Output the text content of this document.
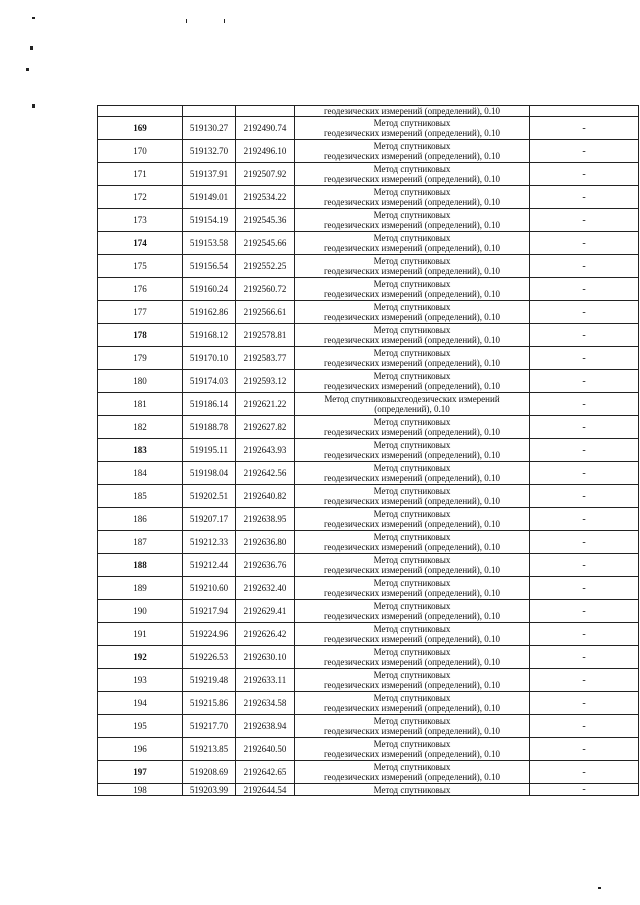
			геодезических измерений (определений), 0.10	
169	519130.27	2192490.74	Метод спутниковых
геодезических измерений (определений), 0.10	-
170	519132.70	2192496.10	Метод спутниковых
геодезических измерений (определений), 0.10	-
171	519137.91	2192507.92	Метод спутниковых
геодезических измерений (определений), 0.10	-
172	519149.01	2192534.22	Метод спутниковых
геодезических измерений (определений), 0.10	-
173	519154.19	2192545.36	Метод спутниковых
геодезических измерений (определений), 0.10	-
174	519153.58	2192545.66	Метод спутниковых
геодезических измерений (определений), 0.10	-
175	519156.54	2192552.25	Метод спутниковых
геодезических измерений (определений), 0.10	-
176	519160.24	2192560.72	Метод спутниковых
геодезических измерений (определений), 0.10	-
177	519162.86	2192566.61	Метод спутниковых
геодезических измерений (определений), 0.10	-
178	519168.12	2192578.81	Метод спутниковых
геодезических измерений (определений), 0.10	-
179	519170.10	2192583.77	Метод спутниковых
геодезических измерений (определений), 0.10	-
180	519174.03	2192593.12	Метод спутниковых
геодезических измерений (определений), 0.10	-
181	519186.14	2192621.22	Метод спутниковыхгеодезических измерений
(определений), 0.10	-
182	519188.78	2192627.82	Метод спутниковых
геодезических измерений (определений), 0.10	-
183	519195.11	2192643.93	Метод спутниковых
геодезических измерений (определений), 0.10	-
184	519198.04	2192642.56	Метод спутниковых
геодезических измерений (определений), 0.10	-
185	519202.51	2192640.82	Метод спутниковых
геодезических измерений (определений), 0.10	-
186	519207.17	2192638.95	Метод спутниковых
геодезических измерений (определений), 0.10	-
187	519212.33	2192636.80	Метод спутниковых
геодезических измерений (определений), 0.10	-
188	519212.44	2192636.76	Метод спутниковых
геодезических измерений (определений), 0.10	-
189	519210.60	2192632.40	Метод спутниковых
геодезических измерений (определений), 0.10	-
190	519217.94	2192629.41	Метод спутниковых
геодезических измерений (определений), 0.10	-
191	519224.96	2192626.42	Метод спутниковых
геодезических измерений (определений), 0.10	-
192	519226.53	2192630.10	Метод спутниковых
геодезических измерений (определений), 0.10	-
193	519219.48	2192633.11	Метод спутниковых
геодезических измерений (определений), 0.10	-
194	519215.86	2192634.58	Метод спутниковых
геодезических измерений (определений), 0.10	-
195	519217.70	2192638.94	Метод спутниковых
геодезических измерений (определений), 0.10	-
196	519213.85	2192640.50	Метод спутниковых
геодезических измерений (определений), 0.10	-
197	519208.69	2192642.65	Метод спутниковых
геодезических измерений (определений), 0.10	-
198	519203.99	2192644.54	Метод спутниковых	-
